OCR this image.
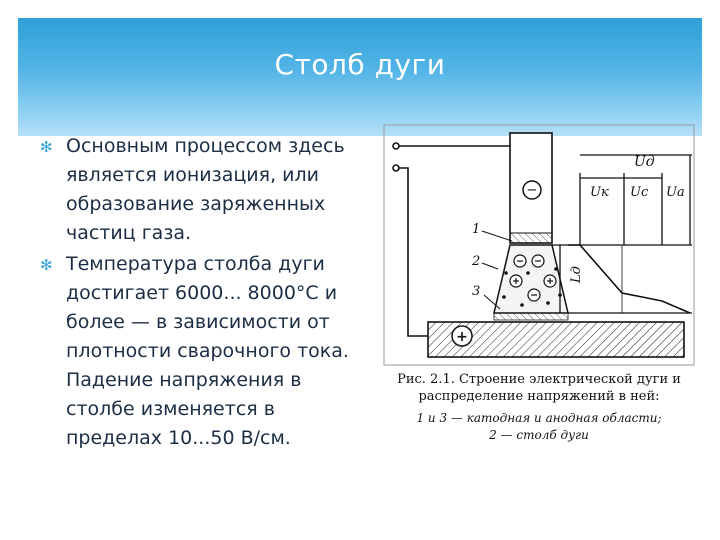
Столб дуги
✻ Основным процессом здесь является ионизация, или образование заряженных частиц газа.
✻ Температура столба дуги достигает 6000... 8000°С и более — в зависимости от плотности сварочного тока. Падение напряжения в столбе изменяется в пределах 10...50 В/см.
−
+
1
2
3
Uд
Uк Uс Uа
Lд
Рис. 2.1. Строение электрической дуги и распределение напряжений в ней:
1 и 3 — катодная и анодная области;
2 — столб дуги
